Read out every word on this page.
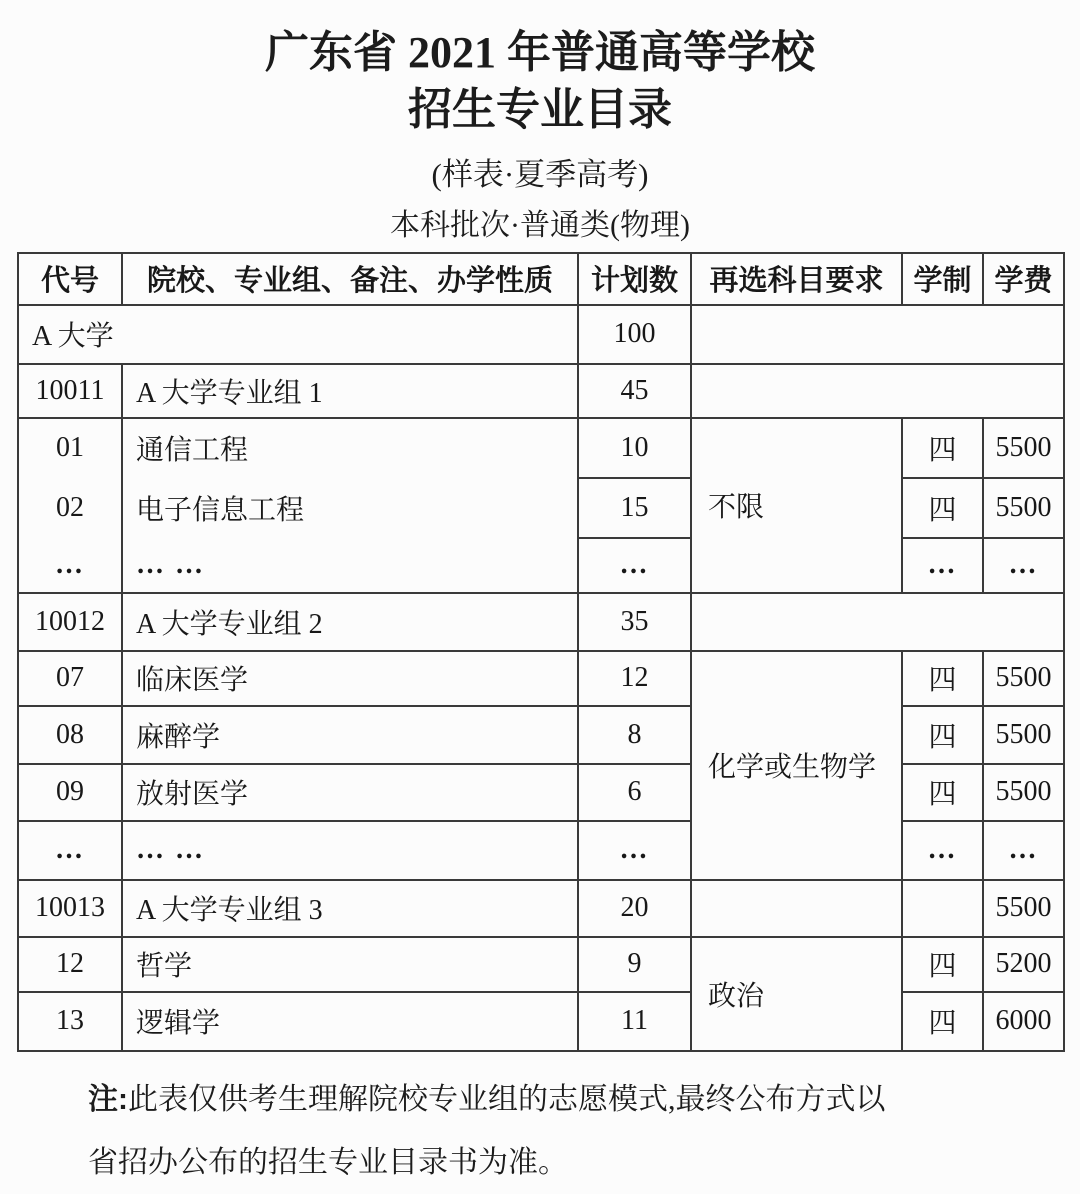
广东省 2021 年普通高等学校
招生专业目录
(样表·夏季高考)
本科批次·普通类(物理)
代号	院校、专业组、备注、办学性质	计划数	再选科目要求	学制	学费
A 大学		100			
10011	A 大学专业组 1	45			
01	通信工程	10	不限	四	5500
02	电子信息工程	15		四	5500
…	… …	…		…	…
10012	A 大学专业组 2	35			
07	临床医学	12	化学或生物学	四	5500
08	麻醉学	8		四	5500
09	放射医学	6		四	5500
…	… …	…		…	…
10013	A 大学专业组 3	20			5500
12	哲学	9	政治	四	5200
13	逻辑学	11		四	6000
注:此表仅供考生理解院校专业组的志愿模式,最终公布方式以
省招办公布的招生专业目录书为准。
